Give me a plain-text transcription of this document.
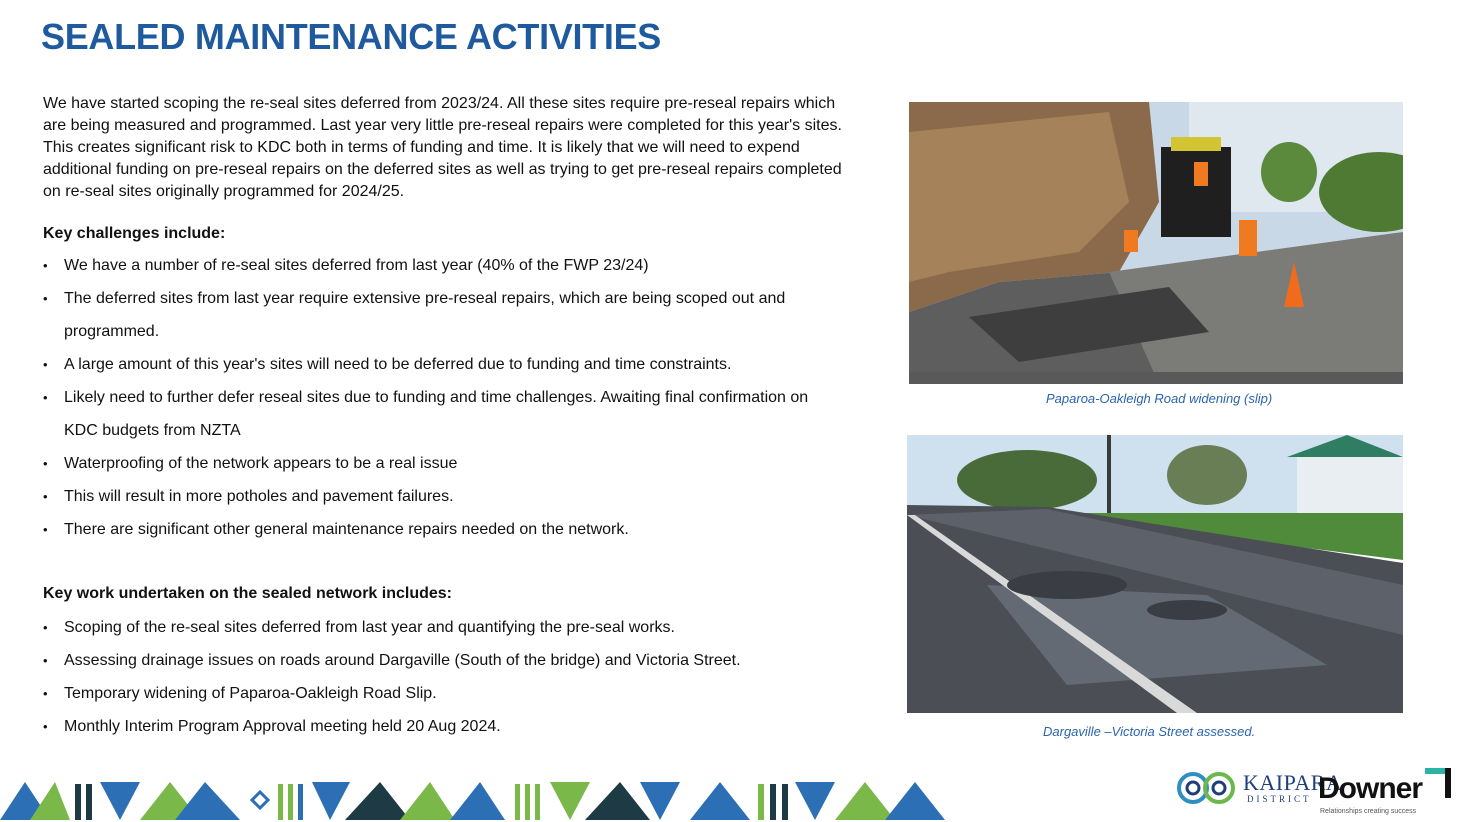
SEALED MAINTENANCE ACTIVITIES

We have started scoping the re-seal sites deferred from 2023/24. All these sites require pre-reseal repairs which are being measured and programmed. Last year very little pre-reseal repairs were completed for this year's sites. This creates significant risk to KDC both in terms of funding and time. It is likely that we will need to expend additional funding on pre-reseal repairs on the deferred sites as well as trying to get pre-reseal repairs completed on re-seal sites originally programmed for 2024/25.

Key challenges include:
• We have a number of re-seal sites deferred from last year (40% of the FWP 23/24)
• The deferred sites from last year require extensive pre-reseal repairs, which are being scoped out and programmed.
• A large amount of this year's sites will need to be deferred due to funding and time constraints.
• Likely need to further defer reseal sites due to funding and time challenges. Awaiting final confirmation on KDC budgets from NZTA
• Waterproofing of the network appears to be a real issue
• This will result in more potholes and pavement failures.
• There are significant other general maintenance repairs needed on the network.
Key work undertaken on the sealed network includes:
• Scoping of the re-seal sites deferred from last year and quantifying the pre-seal works.
• Assessing drainage issues on roads around Dargaville (South of the bridge) and Victoria Street.
• Temporary widening of Paparoa-Oakleigh Road Slip.
• Monthly Interim Program Approval meeting held 20 Aug 2024.
Paparoa-Oakleigh Road widening (slip)
Dargaville –Victoria Street assessed.
KAIPARA
DISTRICT Downer
Relationships creating success
